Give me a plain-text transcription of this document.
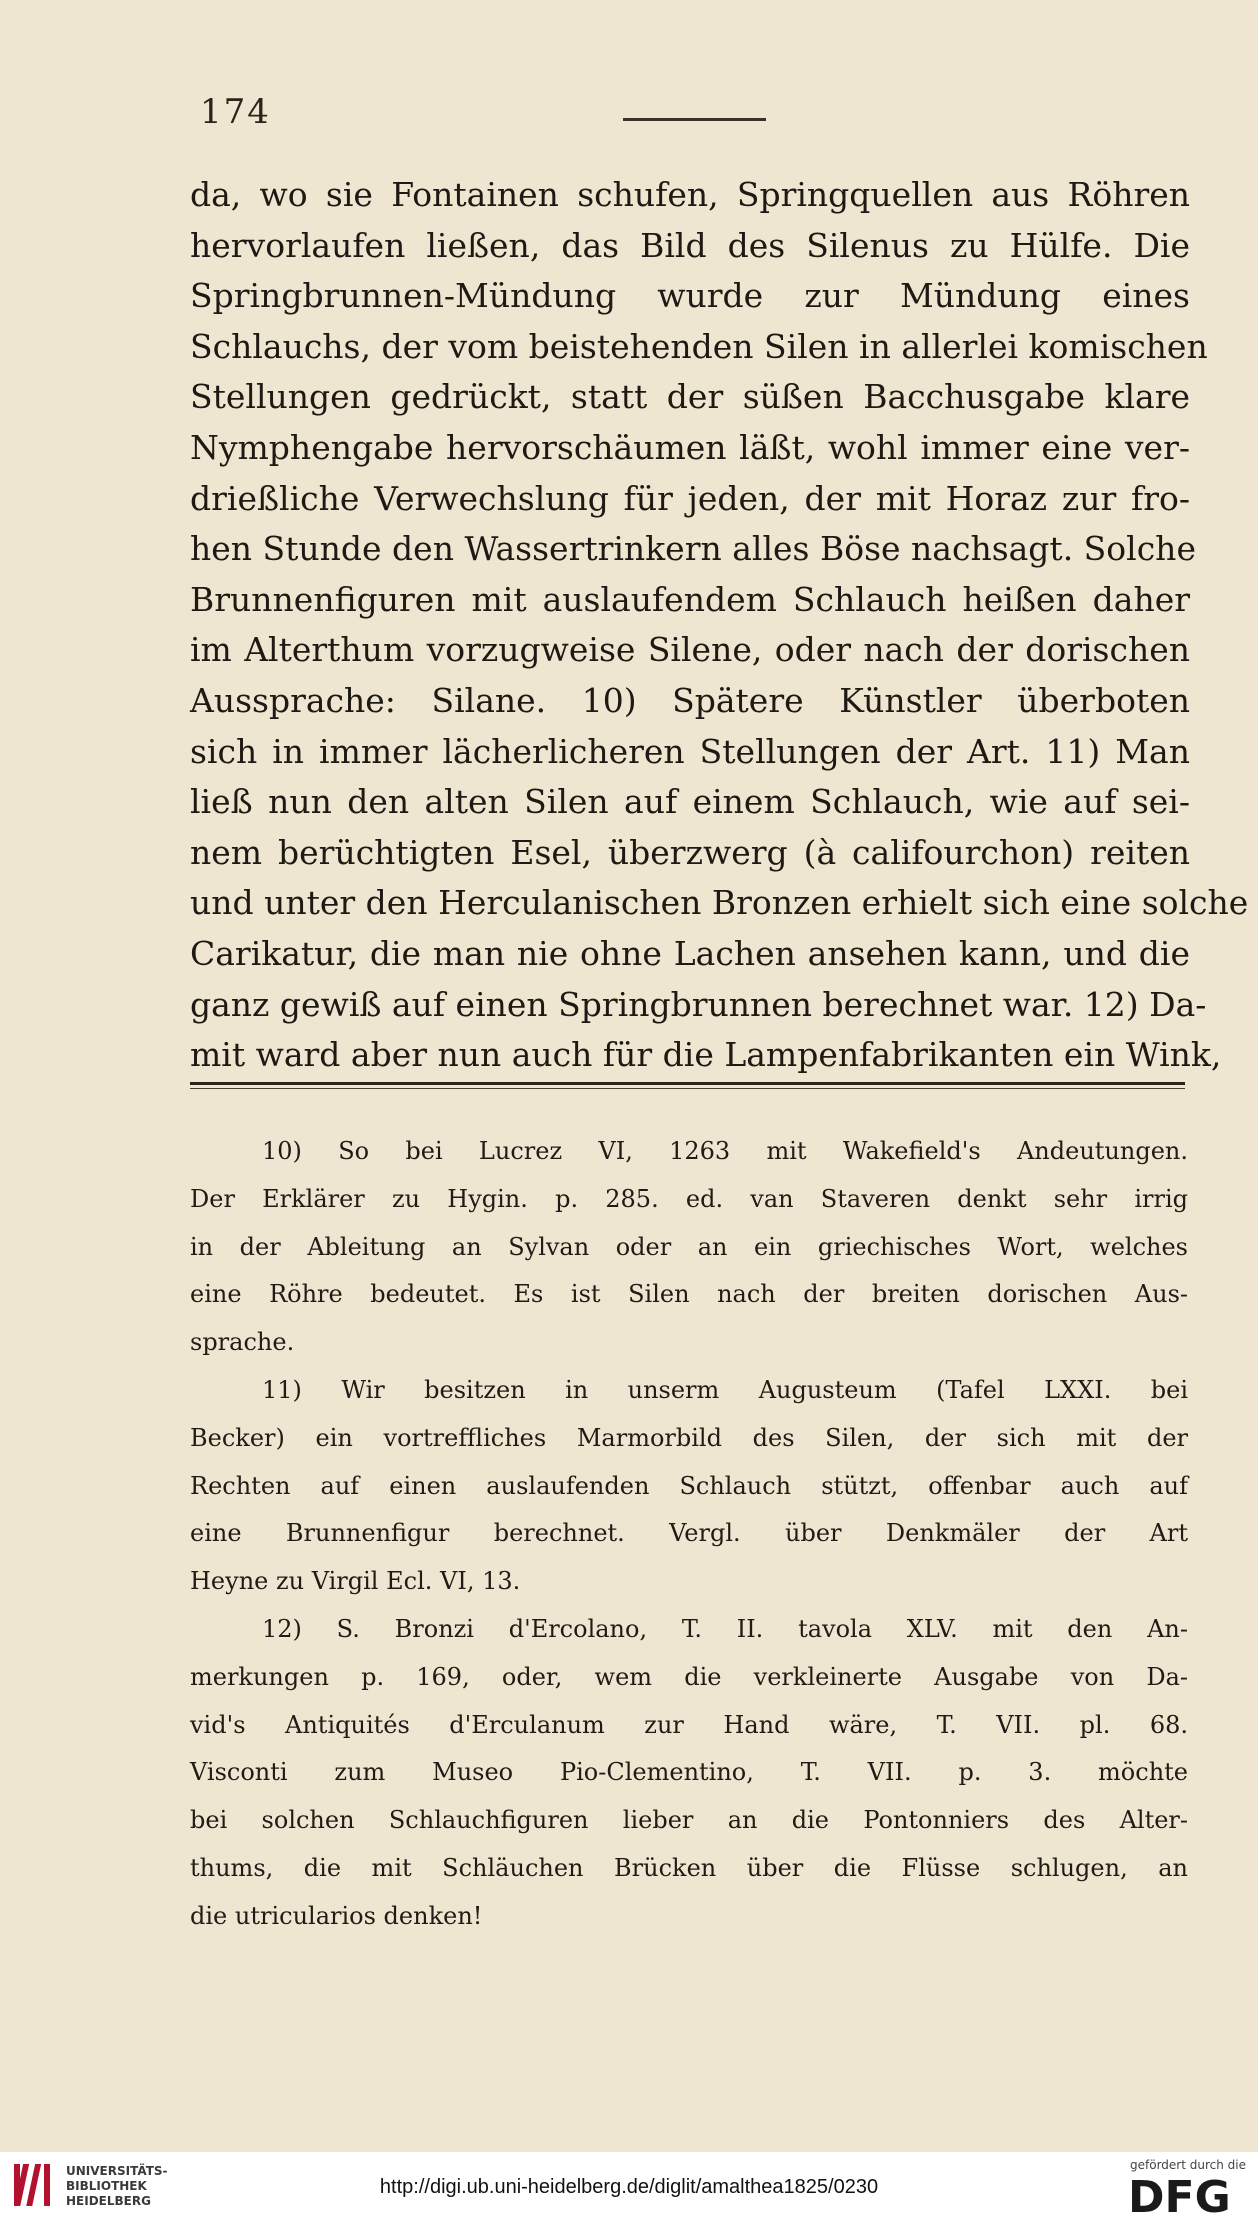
174
da, wo sie Fontainen schufen, Springquellen aus Röhren
hervorlaufen ließen, das Bild des Silenus zu Hülfe. Die
Springbrunnen-Mündung wurde zur Mündung eines
Schlauchs, der vom beistehenden Silen in allerlei komischen
Stellungen gedrückt, statt der süßen Bacchusgabe klare
Nymphengabe hervorschäumen läßt, wohl immer eine ver-
drießliche Verwechslung für jeden, der mit Horaz zur fro-
hen Stunde den Wassertrinkern alles Böse nachsagt. Solche
Brunnenfiguren mit auslaufendem Schlauch heißen daher
im Alterthum vorzugweise Silene, oder nach der dorischen
Aussprache: Silane. 10) Spätere Künstler überboten
sich in immer lächerlicheren Stellungen der Art. 11) Man
ließ nun den alten Silen auf einem Schlauch, wie auf sei-
nem berüchtigten Esel, überzwerg (à califourchon) reiten
und unter den Herculanischen Bronzen erhielt sich eine solche
Carikatur, die man nie ohne Lachen ansehen kann, und die
ganz gewiß auf einen Springbrunnen berechnet war. 12) Da-
mit ward aber nun auch für die Lampenfabrikanten ein Wink,
10) So bei Lucrez VI, 1263 mit Wakefield's Andeutungen.
Der Erklärer zu Hygin. p. 285. ed. van Staveren denkt sehr irrig
in der Ableitung an Sylvan oder an ein griechisches Wort, welches
eine Röhre bedeutet. Es ist Silen nach der breiten dorischen Aus-
sprache.
11) Wir besitzen in unserm Augusteum (Tafel LXXI. bei
Becker) ein vortreffliches Marmorbild des Silen, der sich mit der
Rechten auf einen auslaufenden Schlauch stützt, offenbar auch auf
eine Brunnenfigur berechnet. Vergl. über Denkmäler der Art
Heyne zu Virgil Ecl. VI, 13.
12) S. Bronzi d'Ercolano, T. II. tavola XLV. mit den An-
merkungen p. 169, oder, wem die verkleinerte Ausgabe von Da-
vid's Antiquités d'Erculanum zur Hand wäre, T. VII. pl. 68.
Visconti zum Museo Pio-Clementino, T. VII. p. 3. möchte
bei solchen Schlauchfiguren lieber an die Pontonniers des Alter-
thums, die mit Schläuchen Brücken über die Flüsse schlugen, an
die utricularios denken!
UNIVERSITÄTS-
BIBLIOTHEK
HEIDELBERG
http://digi.ub.uni-heidelberg.de/diglit/amalthea1825/0230
gefördert durch die
DFG
